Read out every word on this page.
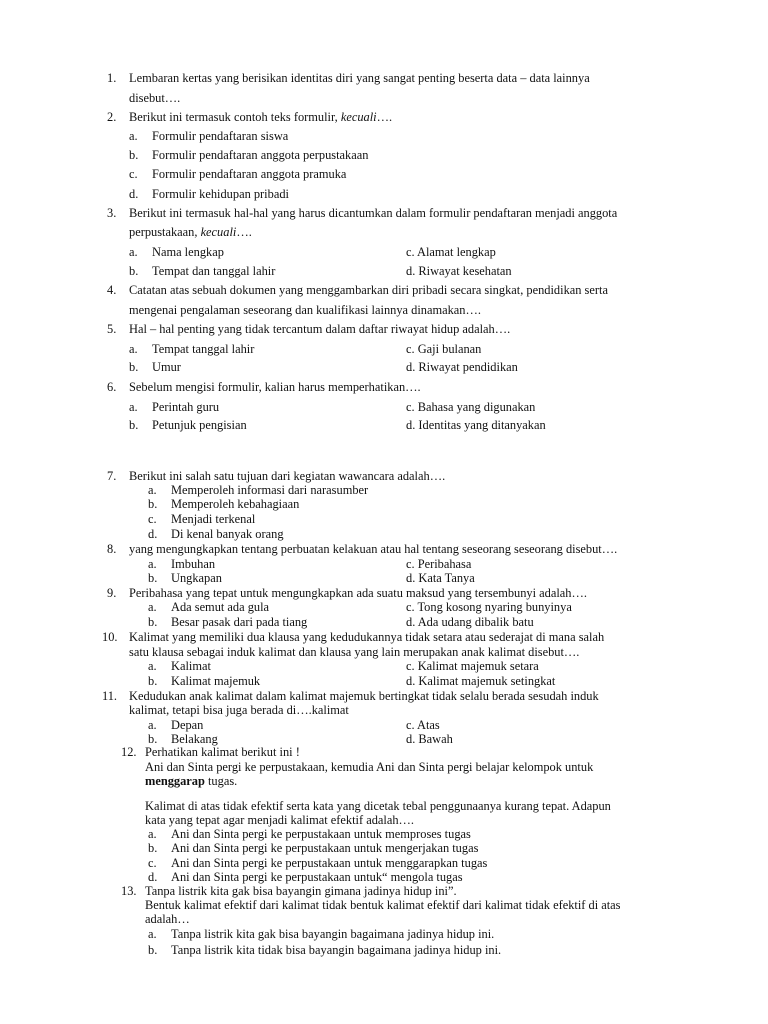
1. Lembaran kertas yang berisikan identitas diri yang sangat penting beserta data – data lainnya
disebut….
2. Berikut ini termasuk contoh teks formulir, kecuali….
a. Formulir pendaftaran siswa
b. Formulir pendaftaran anggota perpustakaan
c. Formulir pendaftaran anggota pramuka
d. Formulir kehidupan pribadi
3. Berikut ini termasuk hal-hal yang harus dicantumkan dalam formulir pendaftaran menjadi anggota
perpustakaan, kecuali….
a. Nama lengkap	c. Alamat lengkap
b. Tempat dan tanggal lahir	d. Riwayat kesehatan
4. Catatan atas sebuah dokumen yang menggambarkan diri pribadi secara singkat, pendidikan serta
mengenai pengalaman seseorang dan kualifikasi lainnya dinamakan….
5. Hal – hal penting yang tidak tercantum dalam daftar riwayat hidup adalah….
a. Tempat tanggal lahir	c. Gaji bulanan
b. Umur	d. Riwayat pendidikan
6. Sebelum mengisi formulir, kalian harus memperhatikan….
a. Perintah guru	c. Bahasa yang digunakan
b. Petunjuk pengisian	d. Identitas yang ditanyakan
7. Berikut ini salah satu tujuan dari kegiatan wawancara adalah….
a. Memperoleh informasi dari narasumber
b. Memperoleh kebahagiaan
c. Menjadi terkenal
d. Di kenal banyak orang
8. yang mengungkapkan tentang perbuatan kelakuan atau hal tentang seseorang seseorang disebut….
a. Imbuhan	c. Peribahasa
b. Ungkapan	d. Kata Tanya
9. Peribahasa yang tepat untuk mengungkapkan ada suatu maksud yang tersembunyi adalah….
a. Ada semut ada gula	c. Tong kosong nyaring bunyinya
b. Besar pasak dari pada tiang	d. Ada udang dibalik batu
10. Kalimat yang memiliki dua klausa yang kedudukannya tidak setara atau sederajat di mana salah
satu klausa sebagai induk kalimat dan klausa yang lain merupakan anak kalimat disebut….
a. Kalimat	c. Kalimat majemuk setara
b. Kalimat majemuk	d. Kalimat majemuk setingkat
11. Kedudukan anak kalimat dalam kalimat majemuk bertingkat tidak selalu berada sesudah induk
kalimat, tetapi bisa juga berada di….kalimat
a. Depan	c. Atas
b. Belakang	d. Bawah
12. Perhatikan kalimat berikut ini !
Ani dan Sinta pergi ke perpustakaan, kemudia Ani dan Sinta pergi belajar kelompok untuk
menggarap tugas.
Kalimat di atas tidak efektif serta kata yang dicetak tebal penggunaanya kurang tepat. Adapun
kata yang tepat agar menjadi kalimat efektif adalah….
a. Ani dan Sinta pergi ke perpustakaan untuk memproses tugas
b. Ani dan Sinta pergi ke perpustakaan untuk mengerjakan tugas
c. Ani dan Sinta pergi ke perpustakaan untuk menggarapkan tugas
d. Ani dan Sinta pergi ke perpustakaan untuk“ mengola tugas
13. Tanpa listrik kita gak bisa bayangin gimana jadinya hidup ini”.
Bentuk kalimat efektif dari kalimat tidak bentuk kalimat efektif dari kalimat tidak efektif di atas
adalah…
a. Tanpa listrik kita gak bisa bayangin bagaimana jadinya hidup ini.
b. Tanpa listrik kita tidak bisa bayangin bagaimana jadinya hidup ini.
